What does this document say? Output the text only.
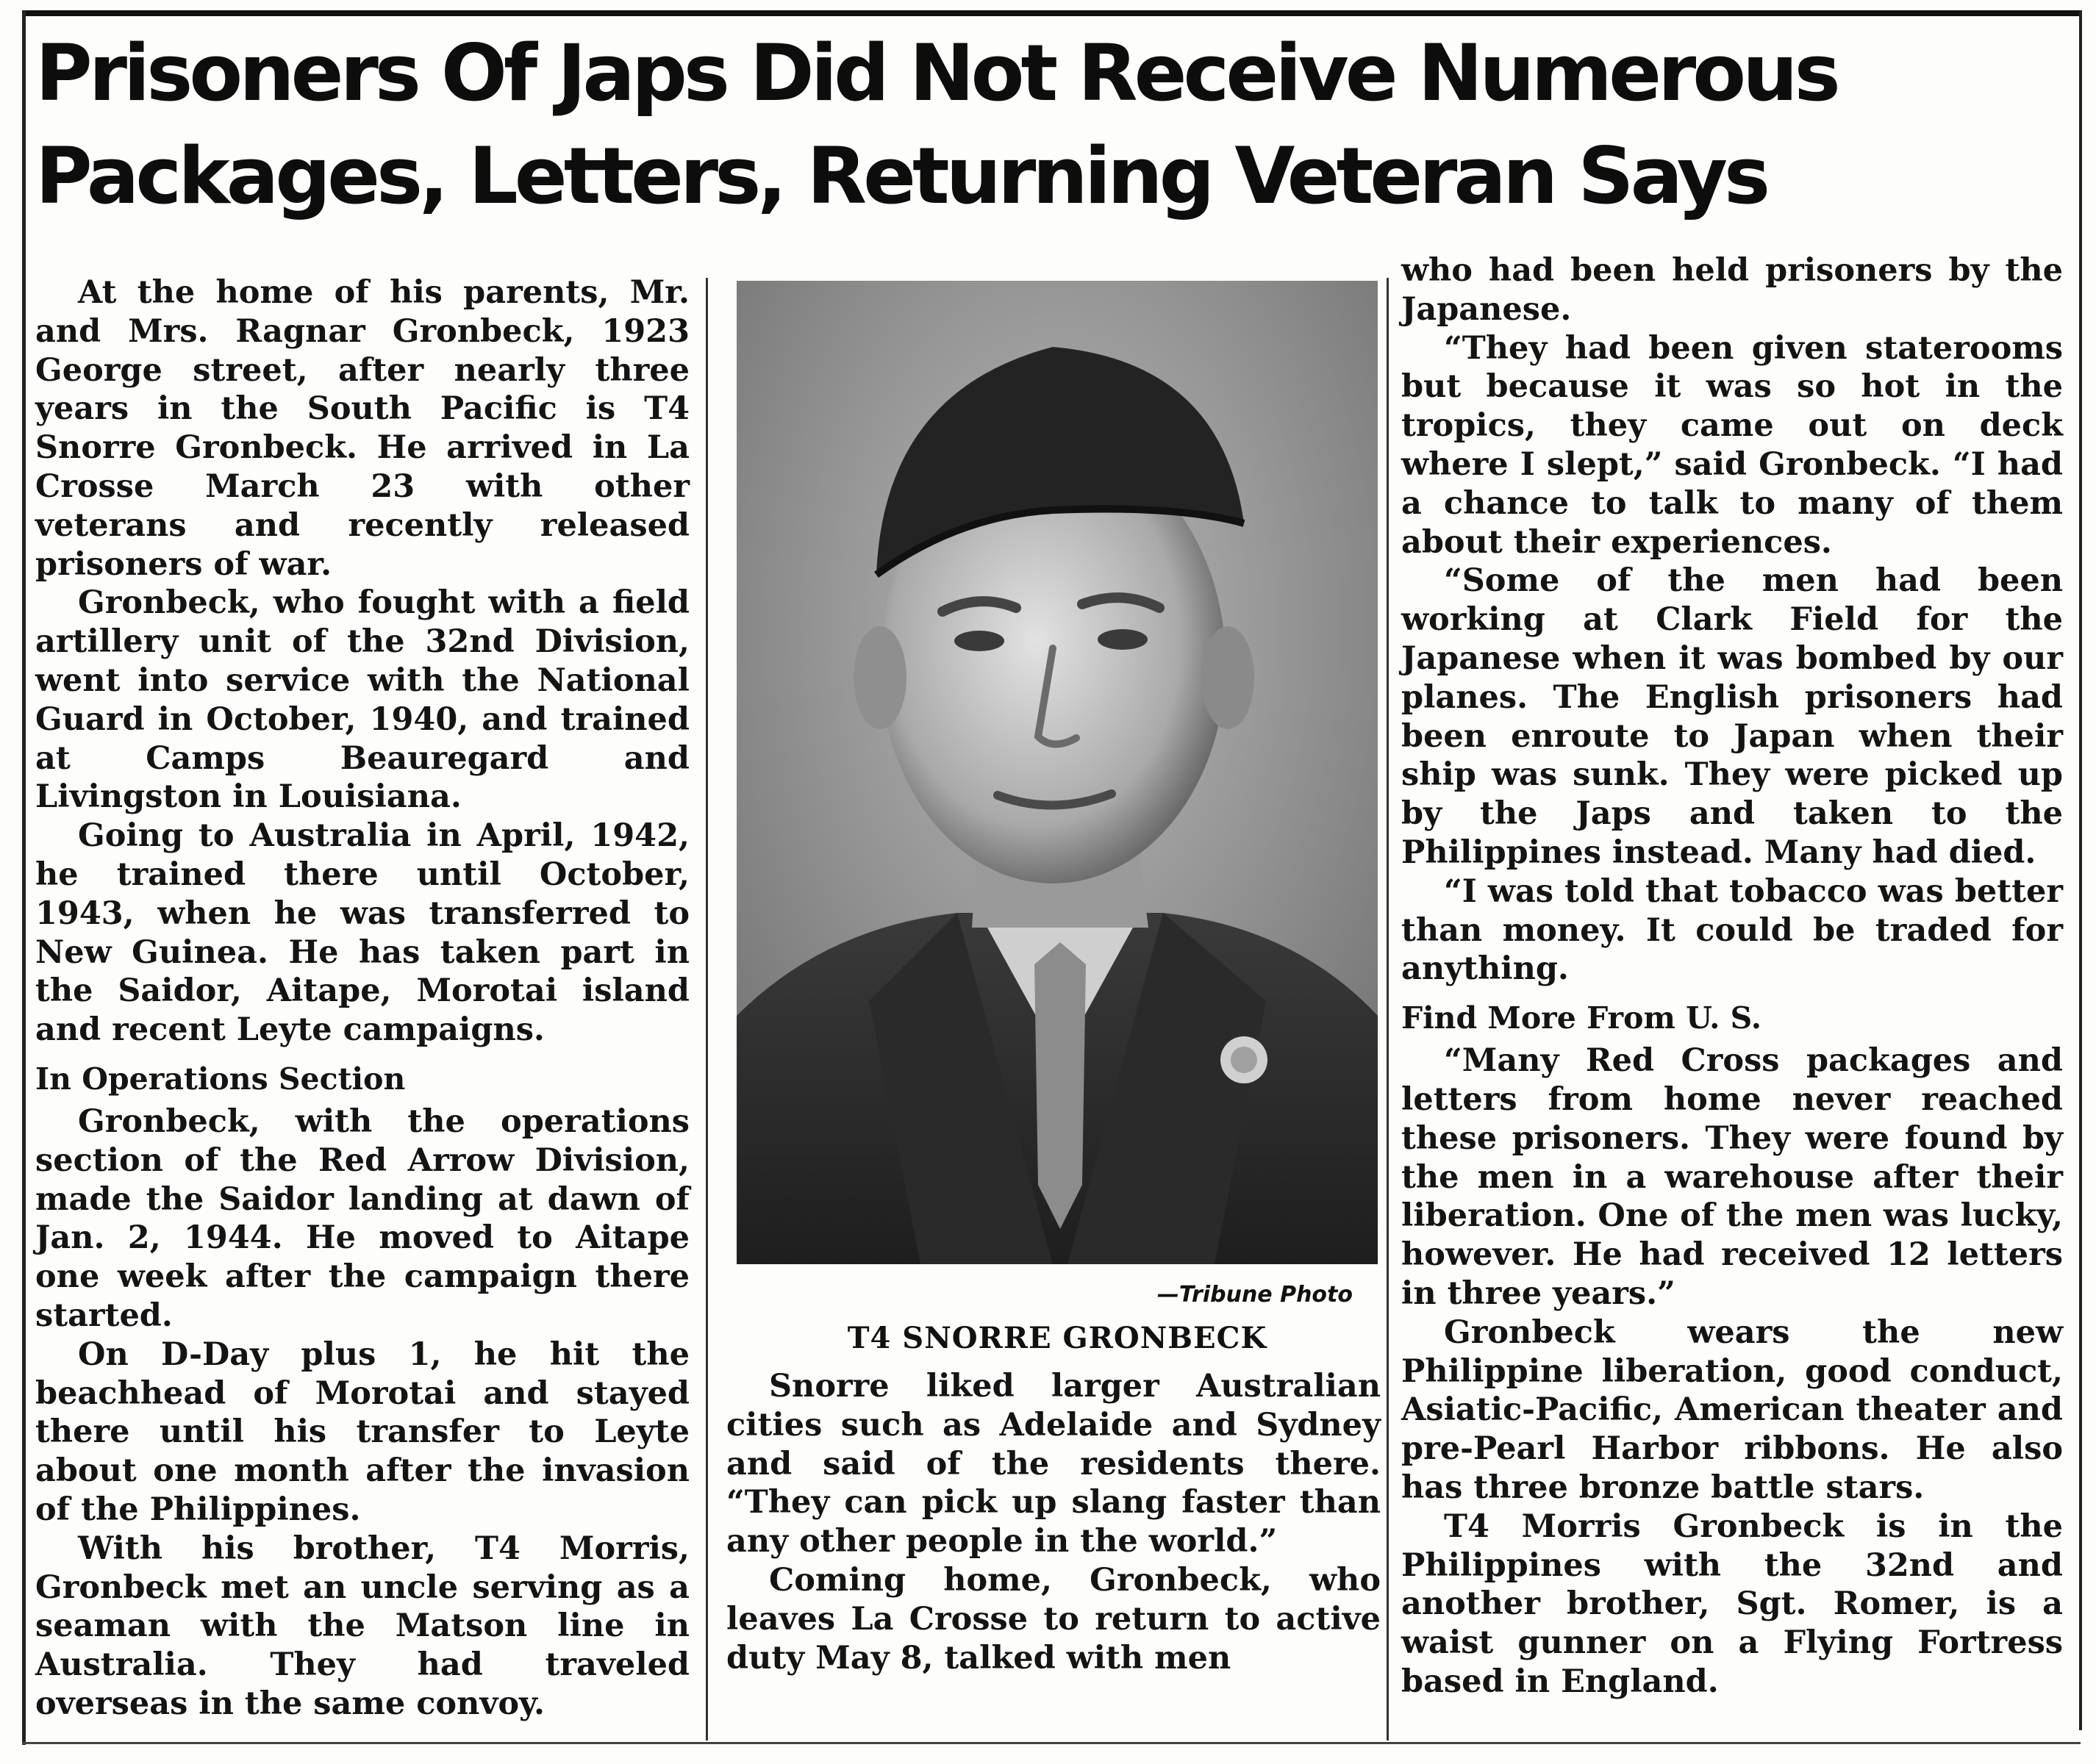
Prisoners Of Japs Did Not Receive Numerous
Packages, Letters, Returning Veteran Says

At the home of his parents, Mr. and Mrs. Ragnar Gronbeck, 1923 George street, after nearly three years in the South Pacific is T4 Snorre Gronbeck. He arrived in La Crosse March 23 with other veterans and recently released prisoners of war.

Gronbeck, who fought with a field artillery unit of the 32nd Division, went into service with the National Guard in October, 1940, and trained at Camps Beauregard and Livingston in Louisiana.

Going to Australia in April, 1942, he trained there until October, 1943, when he was transferred to New Guinea. He has taken part in the Saidor, Aitape, Morotai island and recent Leyte campaigns.

In Operations Section

Gronbeck, with the operations section of the Red Arrow Division, made the Saidor landing at dawn of Jan. 2, 1944. He moved to Aitape one week after the campaign there started.

On D-Day plus 1, he hit the beachhead of Morotai and stayed there until his transfer to Leyte about one month after the invasion of the Philippines.

With his brother, T4 Morris, Gronbeck met an uncle serving as a seaman with the Matson line in Australia. They had traveled overseas in the same convoy.

—Tribune Photo
T4 SNORRE GRONBECK

Snorre liked larger Australian cities such as Adelaide and Sydney and said of the residents there. “They can pick up slang faster than any other people in the world.”

Coming home, Gronbeck, who leaves La Crosse to return to active duty May 8, talked with men

who had been held prisoners by the Japanese.

“They had been given staterooms but because it was so hot in the tropics, they came out on deck where I slept,” said Gronbeck. “I had a chance to talk to many of them about their experiences.

“Some of the men had been working at Clark Field for the Japanese when it was bombed by our planes. The English prisoners had been enroute to Japan when their ship was sunk. They were picked up by the Japs and taken to the Philippines instead. Many had died.

“I was told that tobacco was better than money. It could be traded for anything.

Find More From U. S.

“Many Red Cross packages and letters from home never reached these prisoners. They were found by the men in a warehouse after their liberation. One of the men was lucky, however. He had received 12 letters in three years.”

Gronbeck wears the new Philippine liberation, good conduct, Asiatic-Pacific, American theater and pre-Pearl Harbor ribbons. He also has three bronze battle stars.

T4 Morris Gronbeck is in the Philippines with the 32nd and another brother, Sgt. Romer, is a waist gunner on a Flying Fortress based in England.
